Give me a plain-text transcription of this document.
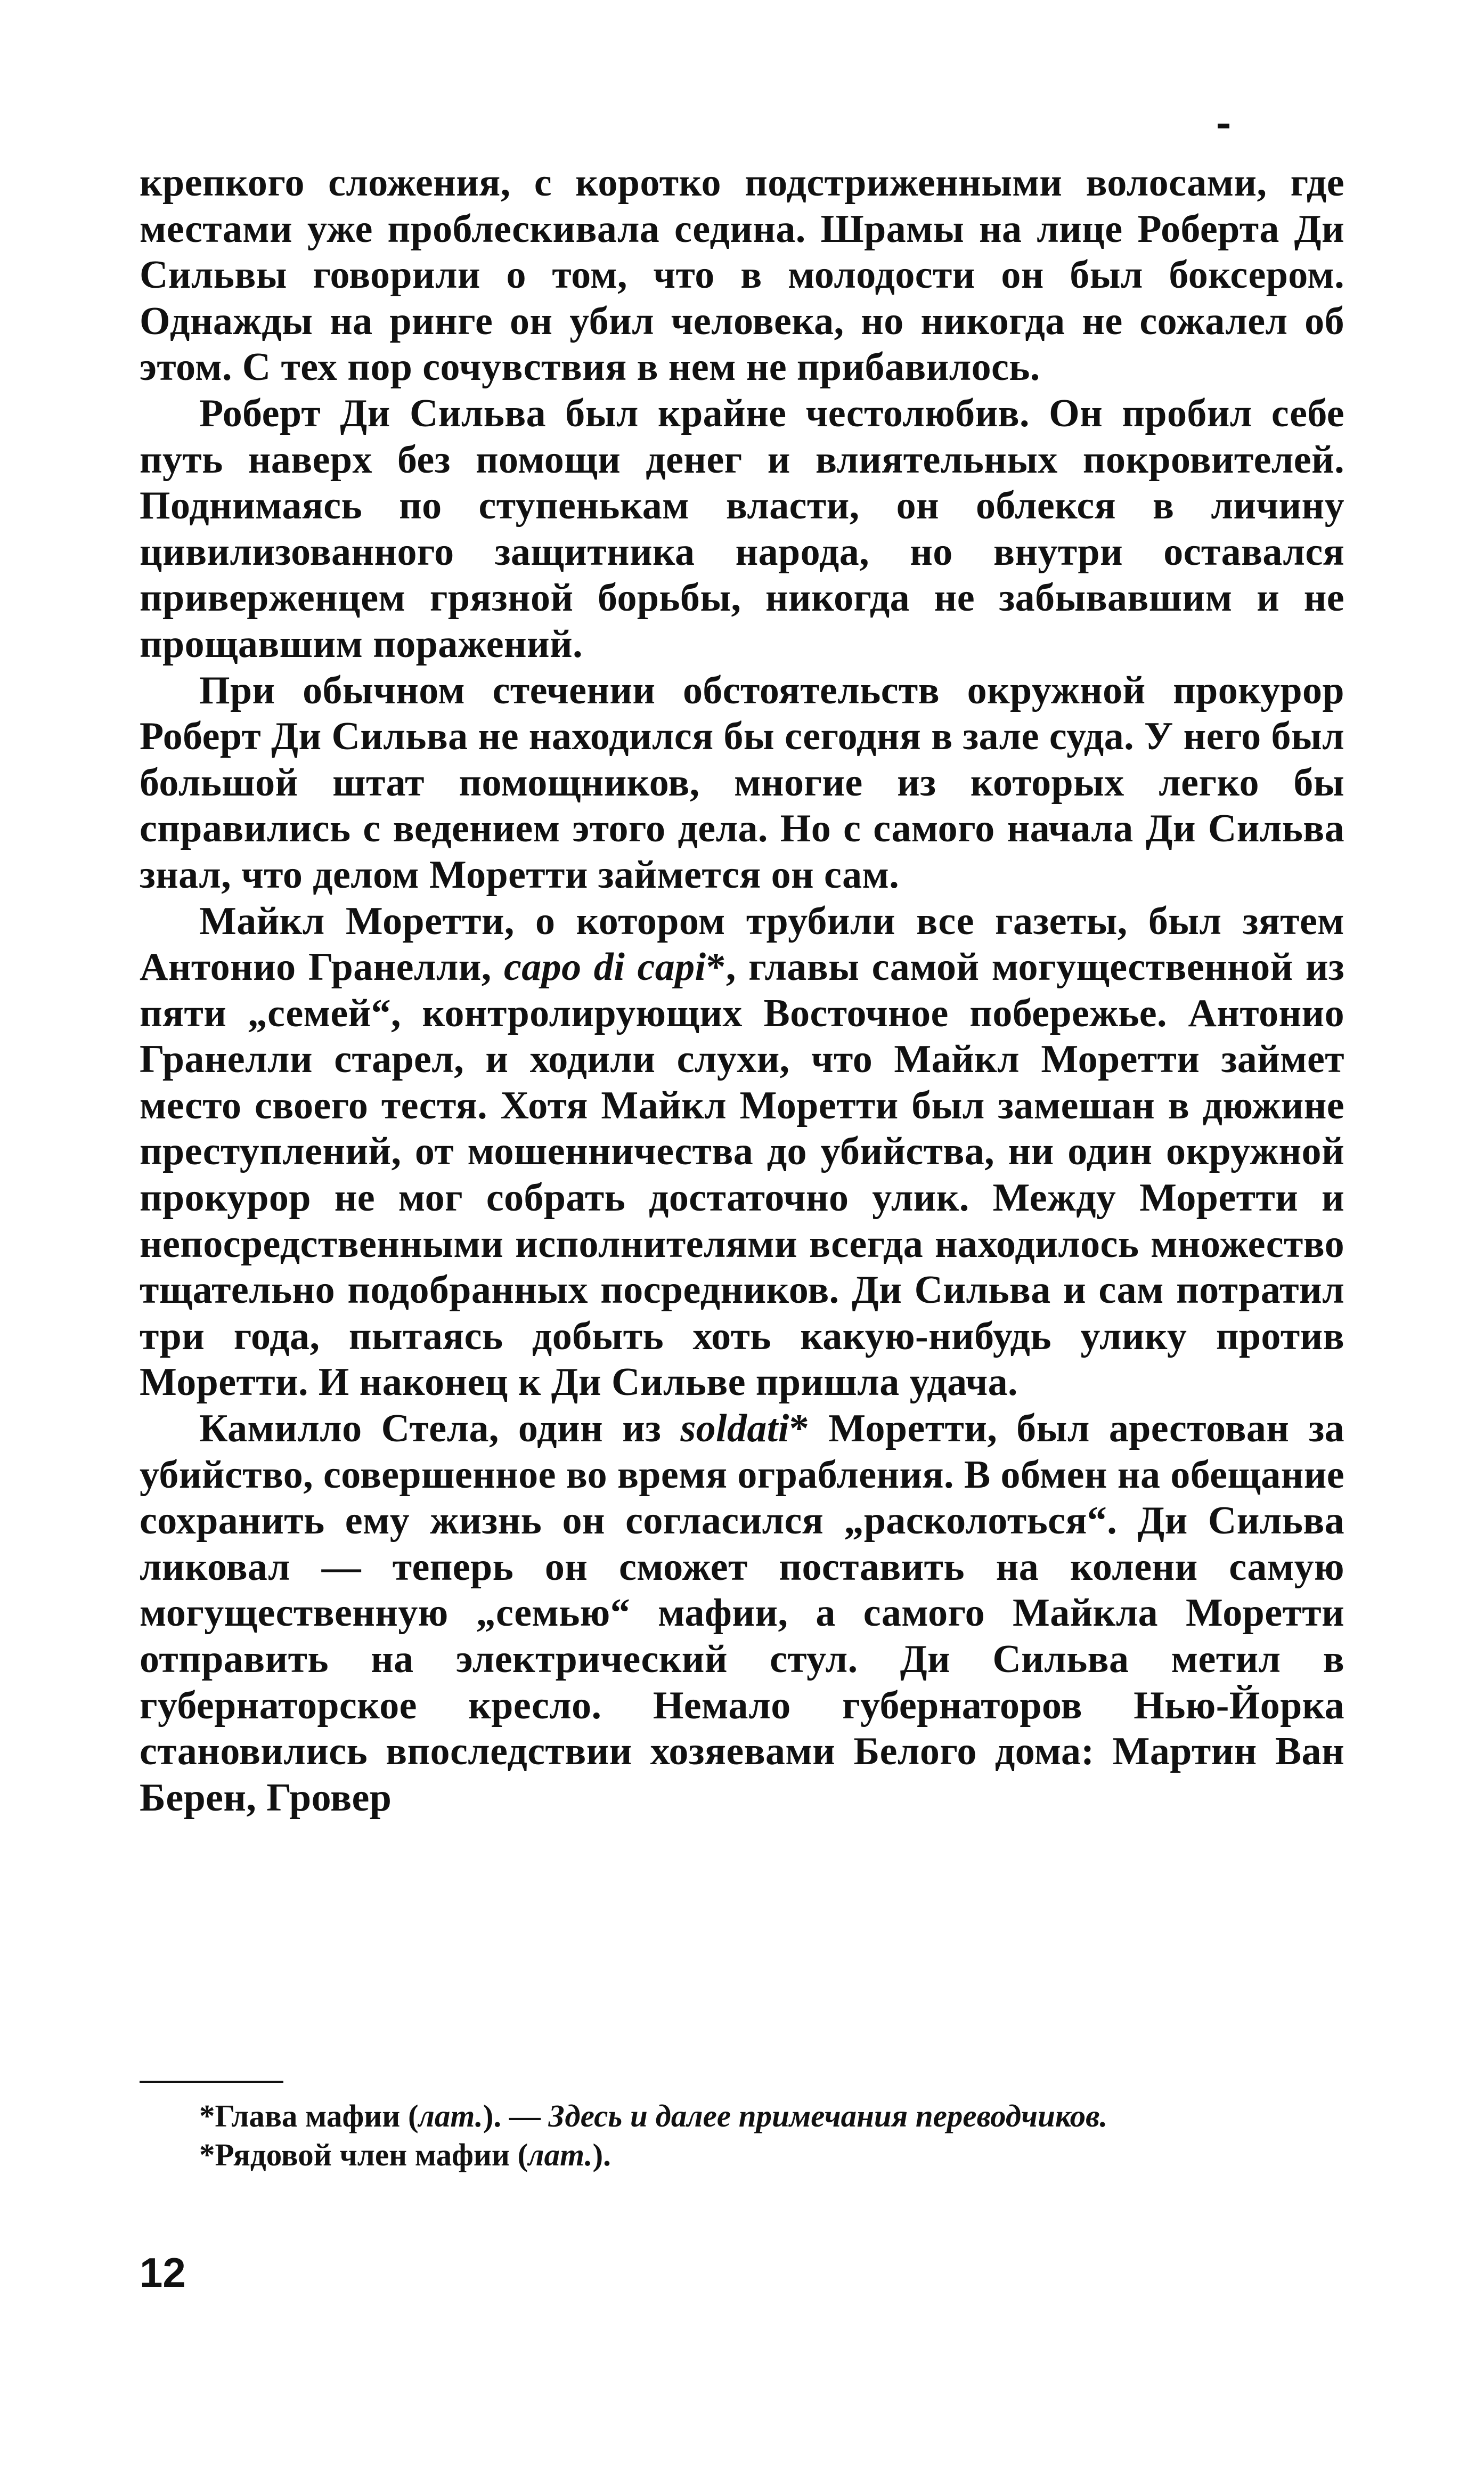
крепкого сложения, с коротко подстриженными волосами, где местами уже проблескивала седина. Шрамы на лице Роберта Ди Сильвы говорили о том, что в молодости он был боксером. Однажды на ринге он убил человека, но никогда не сожалел об этом. С тех пор сочувствия в нем не прибавилось.

Роберт Ди Сильва был крайне честолюбив. Он пробил себе путь наверх без помощи денег и влиятельных покровителей. Поднимаясь по ступенькам власти, он облекся в личину цивилизованного защитника народа, но внутри оставался приверженцем грязной борьбы, никогда не забывавшим и не прощавшим поражений.

При обычном стечении обстоятельств окружной прокурор Роберт Ди Сильва не находился бы сегодня в зале суда. У него был большой штат помощников, многие из которых легко бы справились с ведением этого дела. Но с самого начала Ди Сильва знал, что делом Моретти займется он сам.

Майкл Моретти, о котором трубили все газеты, был зятем Антонио Гранелли, capo di capi*, главы самой могущественной из пяти „семей“, контролирующих Восточное побережье. Антонио Гранелли старел, и ходили слухи, что Майкл Моретти займет место своего тестя. Хотя Майкл Моретти был замешан в дюжине преступлений, от мошенничества до убийства, ни один окружной прокурор не мог собрать достаточно улик. Между Моретти и непосредственными исполнителями всегда находилось множество тщательно подобранных посредников. Ди Сильва и сам потратил три года, пытаясь добыть хоть какую-нибудь улику против Моретти. И наконец к Ди Сильве пришла удача.

Камилло Стела, один из soldati* Моретти, был арестован за убийство, совершенное во время ограбления. В обмен на обещание сохранить ему жизнь он согласился „расколоться“. Ди Сильва ликовал — теперь он сможет поставить на колени самую могущественную „семью“ мафии, а самого Майкла Моретти отправить на электрический стул. Ди Сильва метил в губернаторское кресло. Немало губернаторов Нью-Йорка становились впоследствии хозяевами Белого дома: Мартин Ван Берен, Гровер

*Глава мафии (лат.). — Здесь и далее примечания переводчиков.

*Рядовой член мафии (лат.).

12
